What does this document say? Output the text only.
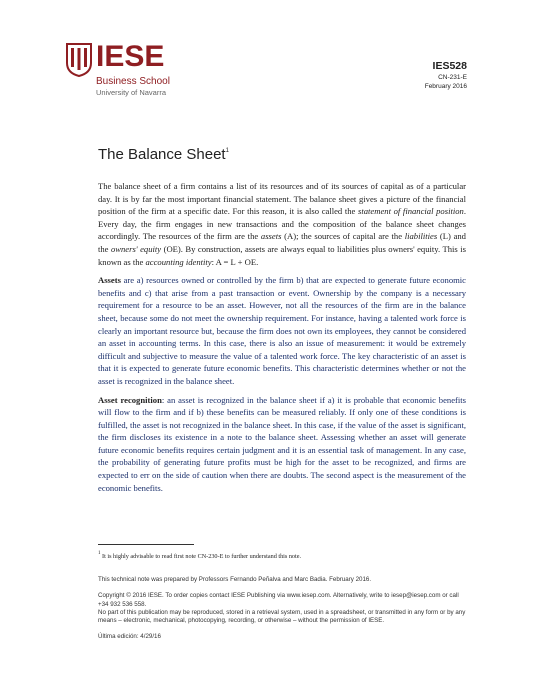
IESE
Business School
University of Navarra
IES528
CN-231-E
February 2016
The Balance Sheet$^1$

The balance sheet of a firm contains a list of its resources and of its sources of capital as of a particular day. It is by far the most important financial statement. The balance sheet gives a picture of the financial position of the firm at a specific date. For this reason, it is also called the statement of financial position. Every day, the firm engages in new transactions and the composition of the balance sheet changes accordingly. The resources of the firm are the assets (A); the sources of capital are the liabilities (L) and the owners' equity (OE). By construction, assets are always equal to liabilities plus owners' equity. This is known as the accounting identity: A = L + OE.

Assets are a) resources owned or controlled by the firm b) that are expected to generate future economic benefits and c) that arise from a past transaction or event. Ownership by the company is a necessary requirement for a resource to be an asset. However, not all the resources of the firm are in the balance sheet, because some do not meet the ownership requirement. For instance, having a talented work force is clearly an important resource but, because the firm does not own its employees, they cannot be considered an asset in accounting terms. In this case, there is also an issue of measurement: it would be extremely difficult and subjective to measure the value of a talented work force. The key characteristic of an asset is that it is expected to generate future economic benefits. This characteristic determines whether or not the asset is recognized in the balance sheet.

Asset recognition: an asset is recognized in the balance sheet if a) it is probable that economic benefits will flow to the firm and if b) these benefits can be measured reliably. If only one of these conditions is fulfilled, the asset is not recognized in the balance sheet. In this case, if the value of the asset is significant, the firm discloses its existence in a note to the balance sheet. Assessing whether an asset will generate future economic benefits requires certain judgment and it is an essential task of management. In any case, the probability of generating future profits must be high for the asset to be recognized, and firms are expected to err on the side of caution when there are doubts. The second aspect is the measurement of the economic benefits.

$^1$ It is highly advisable to read first note CN-230-E to further understand this note.
This technical note was prepared by Professors Fernando Peñalva and Marc Badia. February 2016.
Copyright © 2016 IESE. To order copies contact IESE Publishing via www.iesep.com. Alternatively, write to iesep@iesep.com or call +34 932 536 558.
No part of this publication may be reproduced, stored in a retrieval system, used in a spreadsheet, or transmitted in any form or by any means – electronic, mechanical, photocopying, recording, or otherwise – without the permission of IESE.
Última edición: 4/29/16
